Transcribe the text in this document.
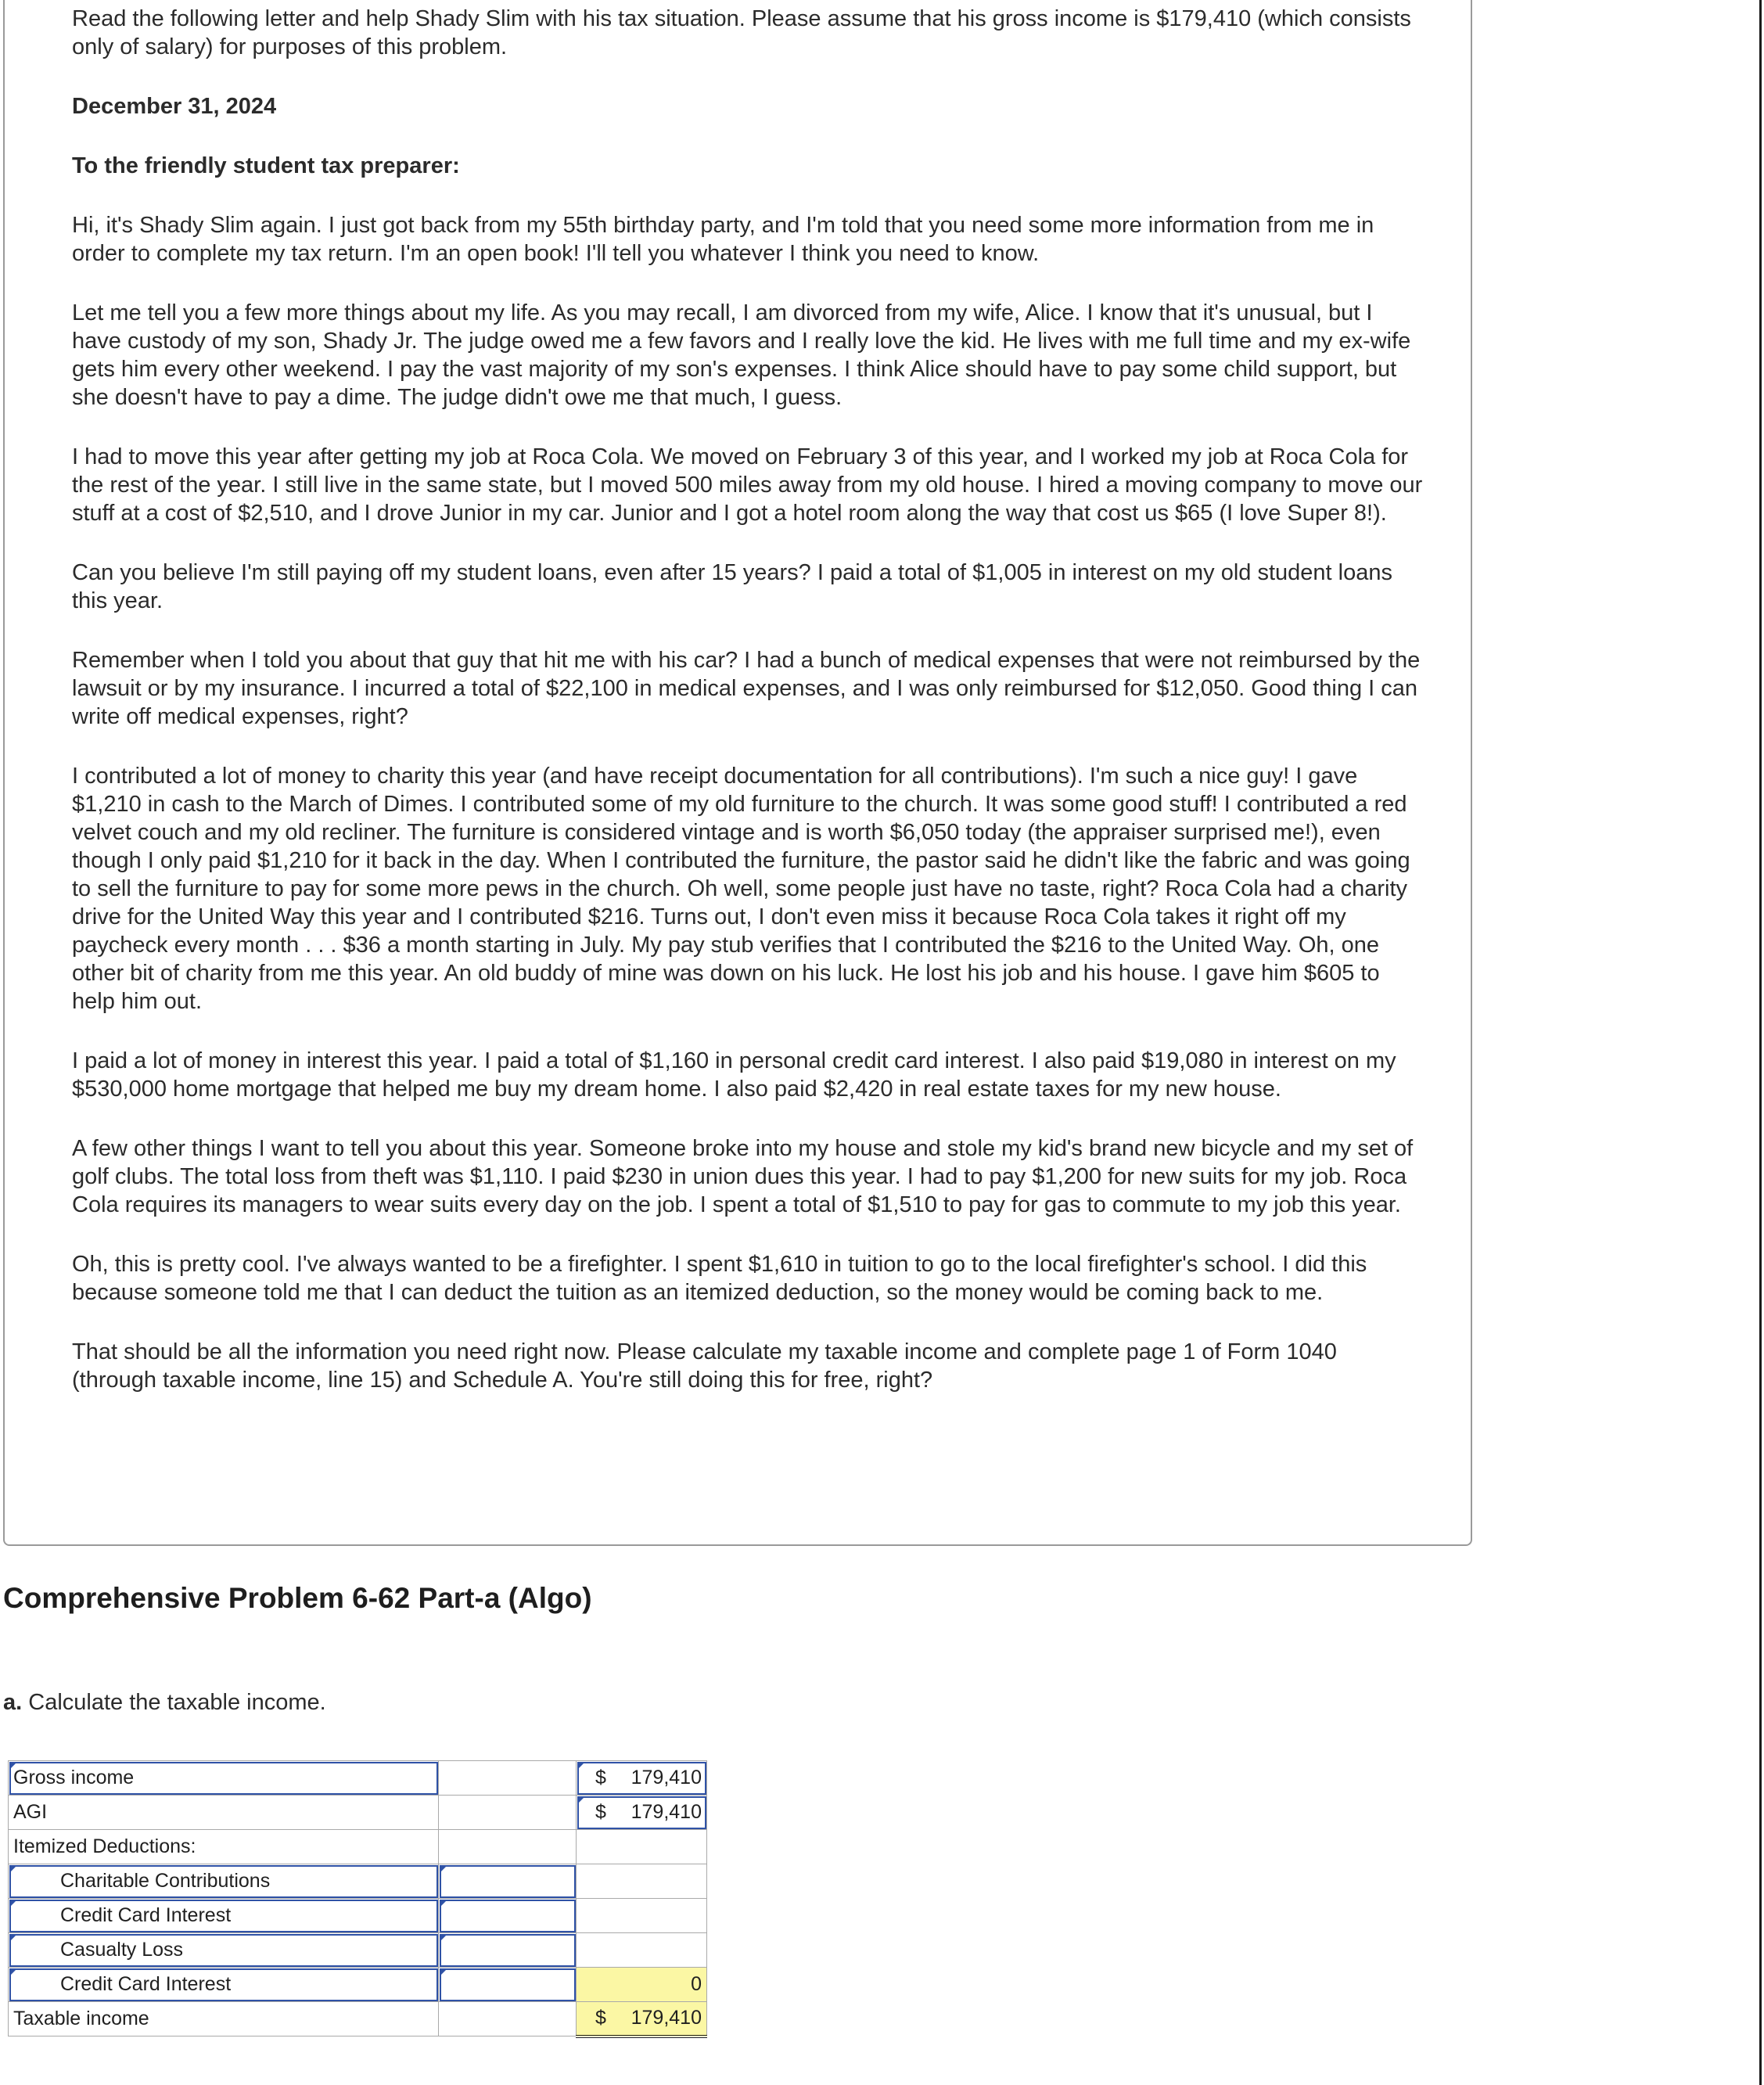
Read the following letter and help Shady Slim with his tax situation. Please assume that his gross income is $179,410 (which consists only of salary) for purposes of this problem.

December 31, 2024

To the friendly student tax preparer:

Hi, it's Shady Slim again. I just got back from my 55th birthday party, and I'm told that you need some more information from me in order to complete my tax return. I'm an open book! I'll tell you whatever I think you need to know.

Let me tell you a few more things about my life. As you may recall, I am divorced from my wife, Alice. I know that it's unusual, but I have custody of my son, Shady Jr. The judge owed me a few favors and I really love the kid. He lives with me full time and my ex-wife gets him every other weekend. I pay the vast majority of my son's expenses. I think Alice should have to pay some child support, but she doesn't have to pay a dime. The judge didn't owe me that much, I guess.

I had to move this year after getting my job at Roca Cola. We moved on February 3 of this year, and I worked my job at Roca Cola for the rest of the year. I still live in the same state, but I moved 500 miles away from my old house. I hired a moving company to move our stuff at a cost of $2,510, and I drove Junior in my car. Junior and I got a hotel room along the way that cost us $65 (I love Super 8!).

Can you believe I'm still paying off my student loans, even after 15 years? I paid a total of $1,005 in interest on my old student loans this year.

Remember when I told you about that guy that hit me with his car? I had a bunch of medical expenses that were not reimbursed by the lawsuit or by my insurance. I incurred a total of $22,100 in medical expenses, and I was only reimbursed for $12,050. Good thing I can write off medical expenses, right?

I contributed a lot of money to charity this year (and have receipt documentation for all contributions). I'm such a nice guy! I gave $1,210 in cash to the March of Dimes. I contributed some of my old furniture to the church. It was some good stuff! I contributed a red velvet couch and my old recliner. The furniture is considered vintage and is worth $6,050 today (the appraiser surprised me!), even though I only paid $1,210 for it back in the day. When I contributed the furniture, the pastor said he didn't like the fabric and was going to sell the furniture to pay for some more pews in the church. Oh well, some people just have no taste, right? Roca Cola had a charity drive for the United Way this year and I contributed $216. Turns out, I don't even miss it because Roca Cola takes it right off my paycheck every month . . . $36 a month starting in July. My pay stub verifies that I contributed the $216 to the United Way. Oh, one other bit of charity from me this year. An old buddy of mine was down on his luck. He lost his job and his house. I gave him $605 to help him out.

I paid a lot of money in interest this year. I paid a total of $1,160 in personal credit card interest. I also paid $19,080 in interest on my $530,000 home mortgage that helped me buy my dream home. I also paid $2,420 in real estate taxes for my new house.

A few other things I want to tell you about this year. Someone broke into my house and stole my kid's brand new bicycle and my set of golf clubs. The total loss from theft was $1,110. I paid $230 in union dues this year. I had to pay $1,200 for new suits for my job. Roca Cola requires its managers to wear suits every day on the job. I spent a total of $1,510 to pay for gas to commute to my job this year.

Oh, this is pretty cool. I've always wanted to be a firefighter. I spent $1,610 in tuition to go to the local firefighter's school. I did this because someone told me that I can deduct the tuition as an itemized deduction, so the money would be coming back to me.

That should be all the information you need right now. Please calculate my taxable income and complete page 1 of Form 1040 (through taxable income, line 15) and Schedule A. You're still doing this for free, right?

Comprehensive Problem 6-62 Part-a (Algo)
a. Calculate the taxable income.
Gross income		$ 179,410
AGI		$ 179,410
Itemized Deductions:		
Charitable Contributions		
Credit Card Interest		
Casualty Loss		
Credit Card Interest		0
Taxable income		$ 179,410
